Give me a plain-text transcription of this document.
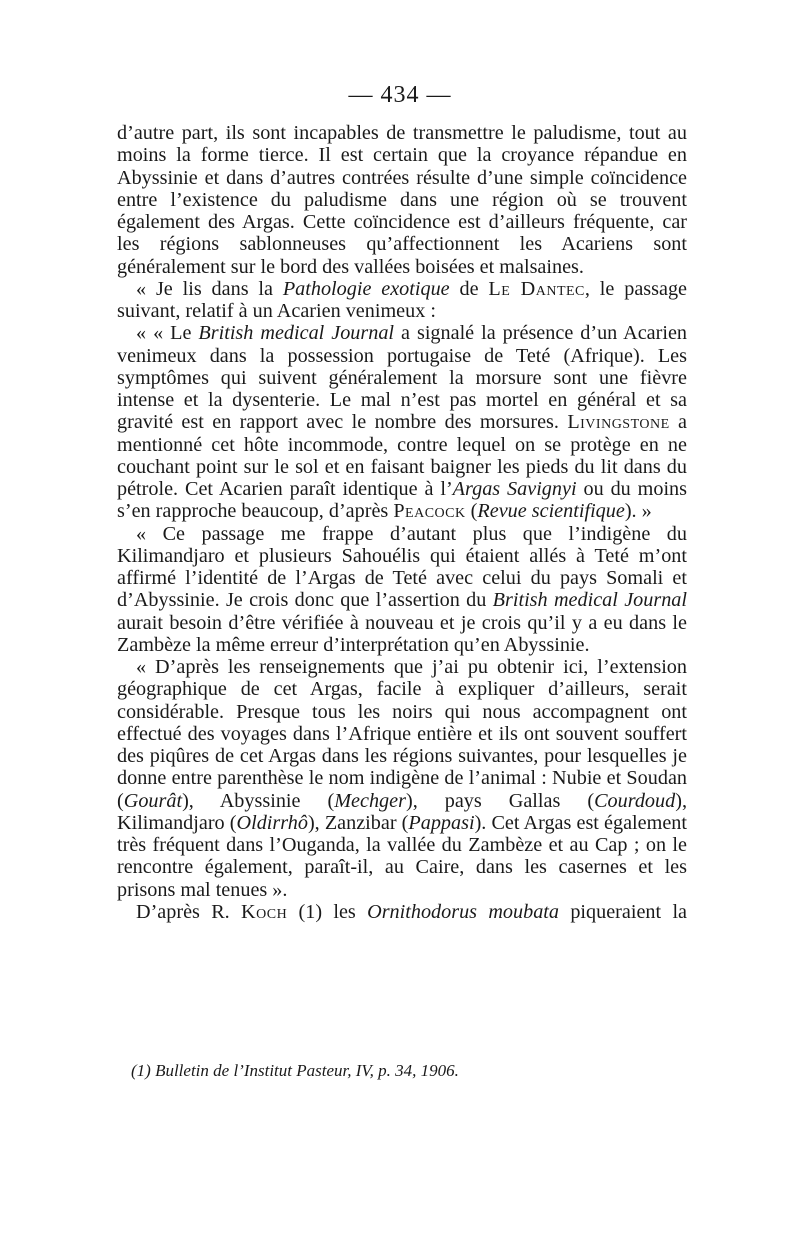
— 434 —

d’autre part, ils sont incapables de transmettre le paludisme, tout au moins la forme tierce. Il est certain que la croyance répandue en Abyssinie et dans d’autres contrées résulte d’une simple coïncidence entre l’existence du paludisme dans une région où se trouvent également des Argas. Cette coïncidence est d’ailleurs fréquente, car les régions sablonneuses qu’affectionnent les Acariens sont généralement sur le bord des vallées boisées et malsaines.

« Je lis dans la Pathologie exotique de Le Dantec, le passage suivant, relatif à un Acarien venimeux :

« « Le British medical Journal a signalé la présence d’un Acarien venimeux dans la possession portugaise de Teté (Afrique). Les symptômes qui suivent généralement la morsure sont une fièvre intense et la dysenterie. Le mal n’est pas mortel en général et sa gravité est en rapport avec le nombre des morsures. Livingstone a mentionné cet hôte incommode, contre lequel on se protège en ne couchant point sur le sol et en faisant baigner les pieds du lit dans du pétrole. Cet Acarien paraît identique à l’Argas Savignyi ou du moins s’en rapproche beaucoup, d’après Peacock (Revue scientifique). »

« Ce passage me frappe d’autant plus que l’indigène du Kilimandjaro et plusieurs Sahouélis qui étaient allés à Teté m’ont affirmé l’identité de l’Argas de Teté avec celui du pays Somali et d’Abyssinie. Je crois donc que l’assertion du British medical Journal aurait besoin d’être vérifiée à nouveau et je crois qu’il y a eu dans le Zambèze la même erreur d’interprétation qu’en Abyssinie.

« D’après les renseignements que j’ai pu obtenir ici, l’extension géographique de cet Argas, facile à expliquer d’ailleurs, serait considérable. Presque tous les noirs qui nous accompagnent ont effectué des voyages dans l’Afrique entière et ils ont souvent souffert des piqûres de cet Argas dans les régions suivantes, pour lesquelles je donne entre parenthèse le nom indigène de l’animal : Nubie et Soudan (Gourât), Abyssinie (Mechger), pays Gallas (Courdoud), Kilimandjaro (Oldirrhô), Zanzibar (Pappasi). Cet Argas est également très fréquent dans l’Ouganda, la vallée du Zambèze et au Cap ; on le rencontre également, paraît-il, au Caire, dans les casernes et les prisons mal tenues ».

D’après R. Koch (1) les Ornithodorus moubata piqueraient la

(1) Bulletin de l’Institut Pasteur, IV, p. 34, 1906.
